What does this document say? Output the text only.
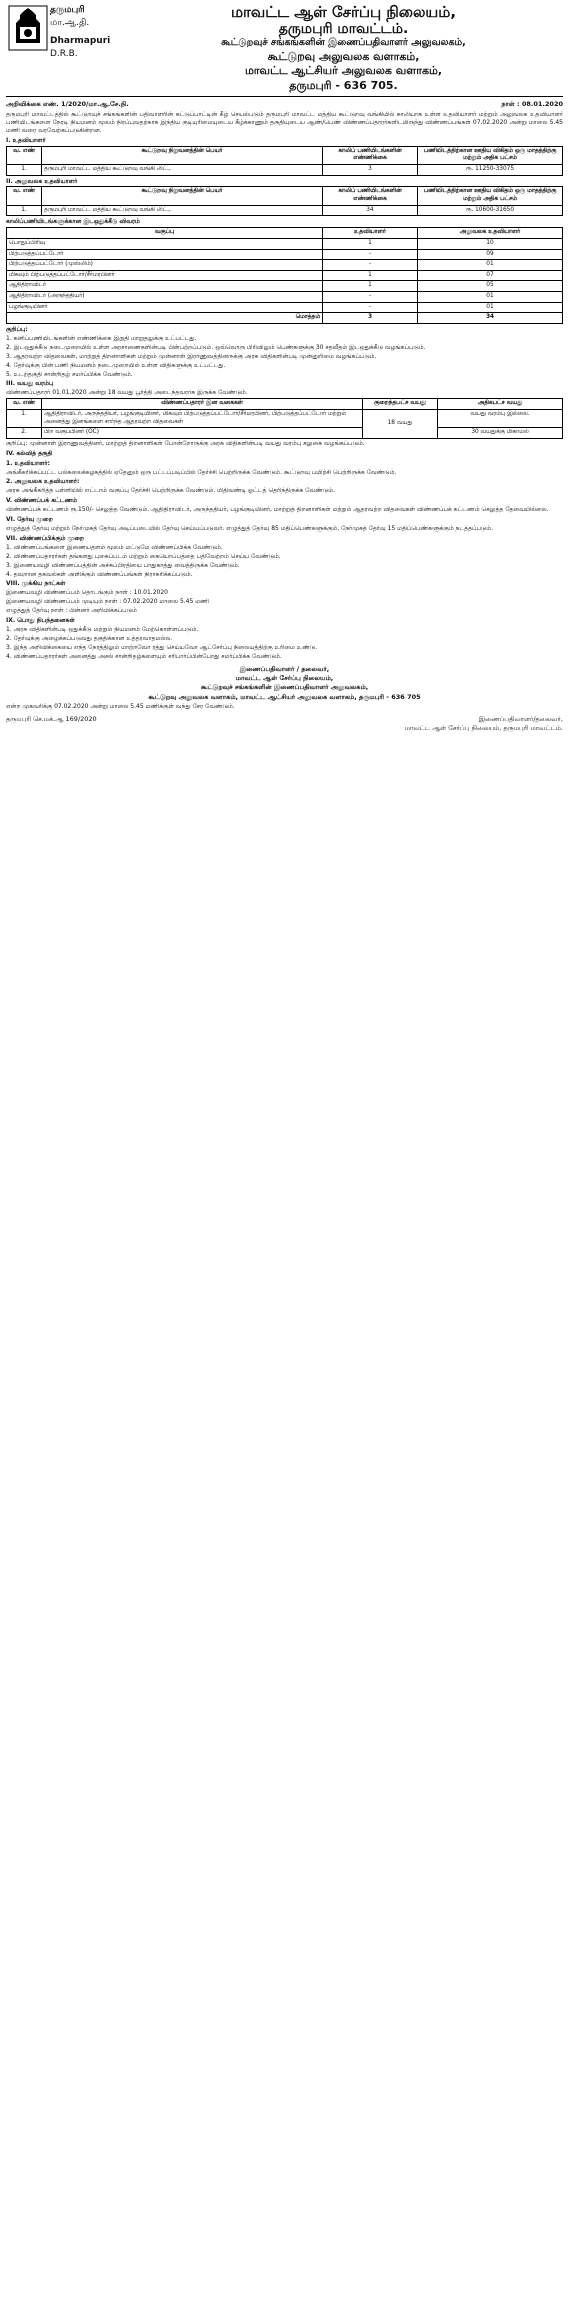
தருமபுரி
மா.ஆ.தி.
Dharmapuri
D.R.B.
மாவட்ட ஆள் சேர்ப்பு நிலையம்,
தருமபுரி மாவட்டம்.
கூட்டுறவுச் சங்கங்களின் இணைப்பதிவாளர் அலுவலகம்,
கூட்டுறவு அலுவலக வளாகம்,
மாவட்ட ஆட்சியர் அலுவலக வளாகம்,
தருமபுரி - 636 705.
அறிவிக்கை எண். 1/2020/மா.ஆ.சே.நி.	நாள் : 08.01.2020
தருமபுரி மாவட்டத்தில் கூட்டுறவுச் சங்கங்களின் பதிவாளரின் கட்டுப்பாட்டின் கீழ் செயல்படும் தருமபுரி மாவட்ட மத்திய கூட்டுறவு வங்கியில் காலியாக உள்ள உதவியாளர் மற்றும் அலுவலக உதவியாளர் பணியிடங்களை நேரடி நியமனம் மூலம் நிரப்புவதற்காக இந்திய குடியுரிமையுடைய கீழ்க்காணும் தகுதியுடைய ஆண்/பெண் விண்ணப்பதாரர்களிடமிருந்து விண்ணப்பங்கள் 07.02.2020 அன்று மாலை 5.45 மணி வரை வரவேற்கப்படுகின்றன.
I. உதவியாளர்
வ. எண்	கூட்டுறவு நிறுவனத்தின் பெயர்	காலிப் பணியிடங்களின் எண்ணிக்கை	பணியிடத்திற்கான ஊதிய விகிதம் ஒரு மாதத்திற்கு மற்றும் அதிக பட்சம்
1.	தருமபுரி மாவட்ட மத்திய கூட்டுறவு வங்கி லிட்.,	3	ரூ. 11250-33075
II. அலுவலக உதவியாளர்
வ. எண்	கூட்டுறவு நிறுவனத்தின் பெயர்	காலிப் பணியிடங்களின் எண்ணிக்கை	பணியிடத்திற்கான ஊதிய விகிதம் ஒரு மாதத்திற்கு மற்றும் அதிக பட்சம்
1.	தருமபுரி மாவட்ட மத்திய கூட்டுறவு வங்கி லிட்.,	34	ரூ. 10600-31650
காலிப்பணியிடங்களுக்கான இடஒதுக்கீடு விவரம்
வகுப்பு	உதவியாளர்	அலுவலக உதவியாளர்
பொதுப்பிரிவு	1	10
பிற்படுத்தப்பட்டோர்	-	09
பிற்படுத்தப்பட்டோர் (முஸ்லிம்)	-	01
மிகவும் பிற்படுத்தப்பட்டோர்/சீர்மரபினர்	1	07
ஆதிதிராவிடர்	1	05
ஆதிதிராவிடர் (அருந்ததியர்)	-	01
பழங்குடியினர்	-	01
மொத்தம்	3	34
குறிப்பு:
1. கனிப்பணியிடங்களின் எண்ணிக்கை இறுதி மாறுதலுக்கு உட்பட்டது.
2. இடஒதுக்கீடு நடைமுறையில் உள்ள அரசாணைகளின்படி பின்பற்றப்படும். ஒவ்வொரு பிரிவிலும் பெண்களுக்கு 30 சதவீதம் இடஒதுக்கீடு வழங்கப்படும்.
3. ஆதரவற்ற விதவைகள், மாற்றுத் திறனாளிகள் மற்றும் முன்னாள் இராணுவத்தினருக்கு அரசு விதிகளின்படி முன்னுரிமை வழங்கப்படும்.
4. தேர்வுக்கு பின் பணி நியமனம் நடைமுறையில் உள்ள விதிகளுக்கு உட்பட்டது.
5. உடற்தகுதி சான்றிதழ் சமர்ப்பிக்க வேண்டும்.
III. வயது வரம்பு
விண்ணப்பதாரர் 01.01.2020 அன்று 18 வயது பூர்த்தி அடைந்தவராக இருக்க வேண்டும்.
வ. எண்	விண்ணப்பதாரர் இன வகைகள்	குறைந்தபட்ச வயது	அதிகபட்ச வயது
1.	ஆதிதிராவிடர், அருந்ததியர், பழங்குடியினர், மிகவும் பிற்படுத்தப்பட்டோர்/சீர்மரபினர், பிற்படுத்தப்பட்டோர் மற்றும் அனைத்து இனங்களை சார்ந்த ஆதரவற்ற விதவைகள்	18 வயது	வயது வரம்பு இல்லை.
2.	பிற வகுப்பினர் (OC)		30 வயதுக்கு மிகாமல்
குறிப்பு: முன்னாள் இராணுவத்தினர், மாற்றுத் திறனாளிகள் போன்றோருக்கு அரசு விதிகளின்படி வயது வரம்பு சலுகை வழங்கப்படும்.
IV. கல்வித் தகுதி
1. உதவியாளர்:
அங்கீகரிக்கப்பட்ட பல்கலைக்கழகத்தில் ஏதேனும் ஒரு பட்டப்படிப்பில் தேர்ச்சி பெற்றிருக்க வேண்டும். கூட்டுறவு பயிற்சி பெற்றிருக்க வேண்டும்.
2. அலுவலக உதவியாளர்:
அரசு அங்கீகரித்த பள்ளியில் எட்டாம் வகுப்பு தேர்ச்சி பெற்றிருக்க வேண்டும். மிதிவண்டி ஓட்டத் தெரிந்திருக்க வேண்டும்.
V. விண்ணப்பக் கட்டணம்
விண்ணப்பக் கட்டணம் ரூ.150/- செலுத்த வேண்டும். ஆதிதிராவிடர், அருந்ததியர், பழங்குடியினர், மாற்றுத் திறனாளிகள் மற்றும் ஆதரவற்ற விதவைகள் விண்ணப்பக் கட்டணம் செலுத்த தேவையில்லை.
VI. தேர்வு முறை
எழுத்துத் தேர்வு மற்றும் நேர்முகத் தேர்வு அடிப்படையில் தேர்வு செய்யப்படுவர். எழுத்துத் தேர்வு 85 மதிப்பெண்களுக்கும், நேர்முகத் தேர்வு 15 மதிப்பெண்களுக்கும் நடத்தப்படும்.
VII. விண்ணப்பிக்கும் முறை
1. விண்ணப்பங்களை இணையதளம் மூலம் மட்டுமே விண்ணப்பிக்க வேண்டும்.
2. விண்ணப்பதாரர்கள் தங்களது புகைப்படம் மற்றும் கையொப்பத்தை பதிவேற்றம் செய்ய வேண்டும்.
3. இணையவழி விண்ணப்பத்தின் அச்சுப்பிரதியை பாதுகாத்து வைத்திருக்க வேண்டும்.
4. தவறான தகவல்கள் அளிக்கும் விண்ணப்பங்கள் நிராகரிக்கப்படும்.
VIII. முக்கிய நாட்கள்
இணையவழி விண்ணப்பம் தொடங்கும் நாள் : 10.01.2020
இணையவழி விண்ணப்பம் முடியும் நாள் : 07.02.2020 மாலை 5.45 மணி
எழுத்துத் தேர்வு நாள் : பின்னர் அறிவிக்கப்படும்
IX. பொது நிபந்தனைகள்
1. அரசு விதிகளின்படி ஒதுக்கீடு மற்றும் நியமனம் மேற்கொள்ளப்படும்.
2. தேர்வுக்கு அழைக்கப்படுவது தகுதிக்கான உத்தரவாதமல்ல.
3. இந்த அறிவிக்கையை எந்த நேரத்திலும் மாற்றவோ ரத்து செய்யவோ ஆட்சேர்ப்பு நிலையத்திற்கு உரிமை உண்டு.
4. விண்ணப்பதாரர்கள் அனைத்து அசல் சான்றிதழ்களையும் சரிபார்ப்பின்போது சமர்ப்பிக்க வேண்டும்.
இணைப்பதிவாளர் / தலைவர்,
மாவட்ட ஆள் சேர்ப்பு நிலையம்,
கூட்டுறவுச் சங்கங்களின் இணைப்பதிவாளர் அலுவலகம்,
கூட்டுறவு அலுவலக வளாகம், மாவட்ட ஆட்சியர் அலுவலக வளாகம், தருமபுரி - 636 705
என்ற முகவரிக்கு 07.02.2020 அன்று மாலை 5.45 மணிக்குள் வந்து சேர வேண்டும்.
தருமபுரி செ.மக்.ஆ 169/2020	இணைப்பதிவாளர்/தலைவர்,
மாவட்ட ஆள் சேர்ப்பு நிலையம், தருமபுரி மாவட்டம்.
